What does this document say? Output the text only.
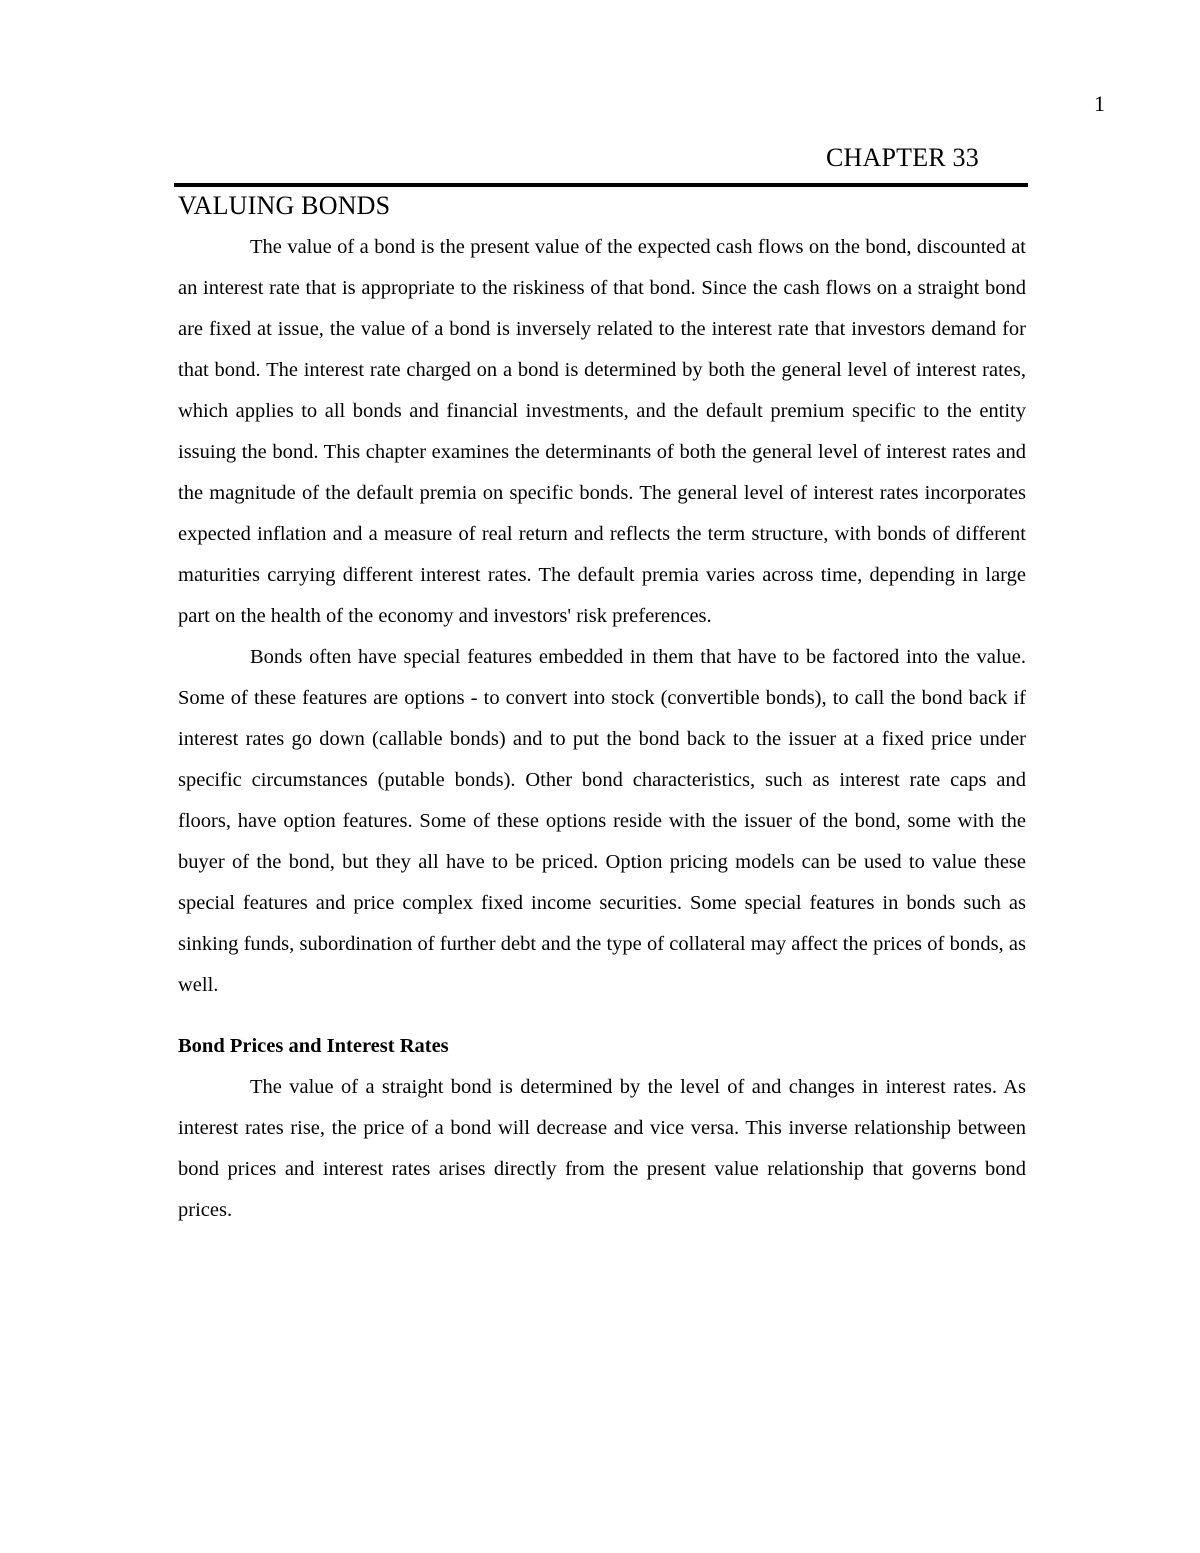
1
CHAPTER 33
VALUING BONDS

The value of a bond is the present value of the expected cash flows on the bond, discounted at an interest rate that is appropriate to the riskiness of that bond. Since the cash flows on a straight bond are fixed at issue, the value of a bond is inversely related to the interest rate that investors demand for that bond. The interest rate charged on a bond is determined by both the general level of interest rates, which applies to all bonds and financial investments, and the default premium specific to the entity issuing the bond. This chapter examines the determinants of both the general level of interest rates and the magnitude of the default premia on specific bonds. The general level of interest rates incorporates expected inflation and a measure of real return and reflects the term structure, with bonds of different maturities carrying different interest rates. The default premia varies across time, depending in large part on the health of the economy and investors' risk preferences.

Bonds often have special features embedded in them that have to be factored into the value. Some of these features are options - to convert into stock (convertible bonds), to call the bond back if interest rates go down (callable bonds) and to put the bond back to the issuer at a fixed price under specific circumstances (putable bonds). Other bond characteristics, such as interest rate caps and floors, have option features. Some of these options reside with the issuer of the bond, some with the buyer of the bond, but they all have to be priced. Option pricing models can be used to value these special features and price complex fixed income securities. Some special features in bonds such as sinking funds, subordination of further debt and the type of collateral may affect the prices of bonds, as well.

Bond Prices and Interest Rates

The value of a straight bond is determined by the level of and changes in interest rates. As interest rates rise, the price of a bond will decrease and vice versa. This inverse relationship between bond prices and interest rates arises directly from the present value relationship that governs bond prices.
